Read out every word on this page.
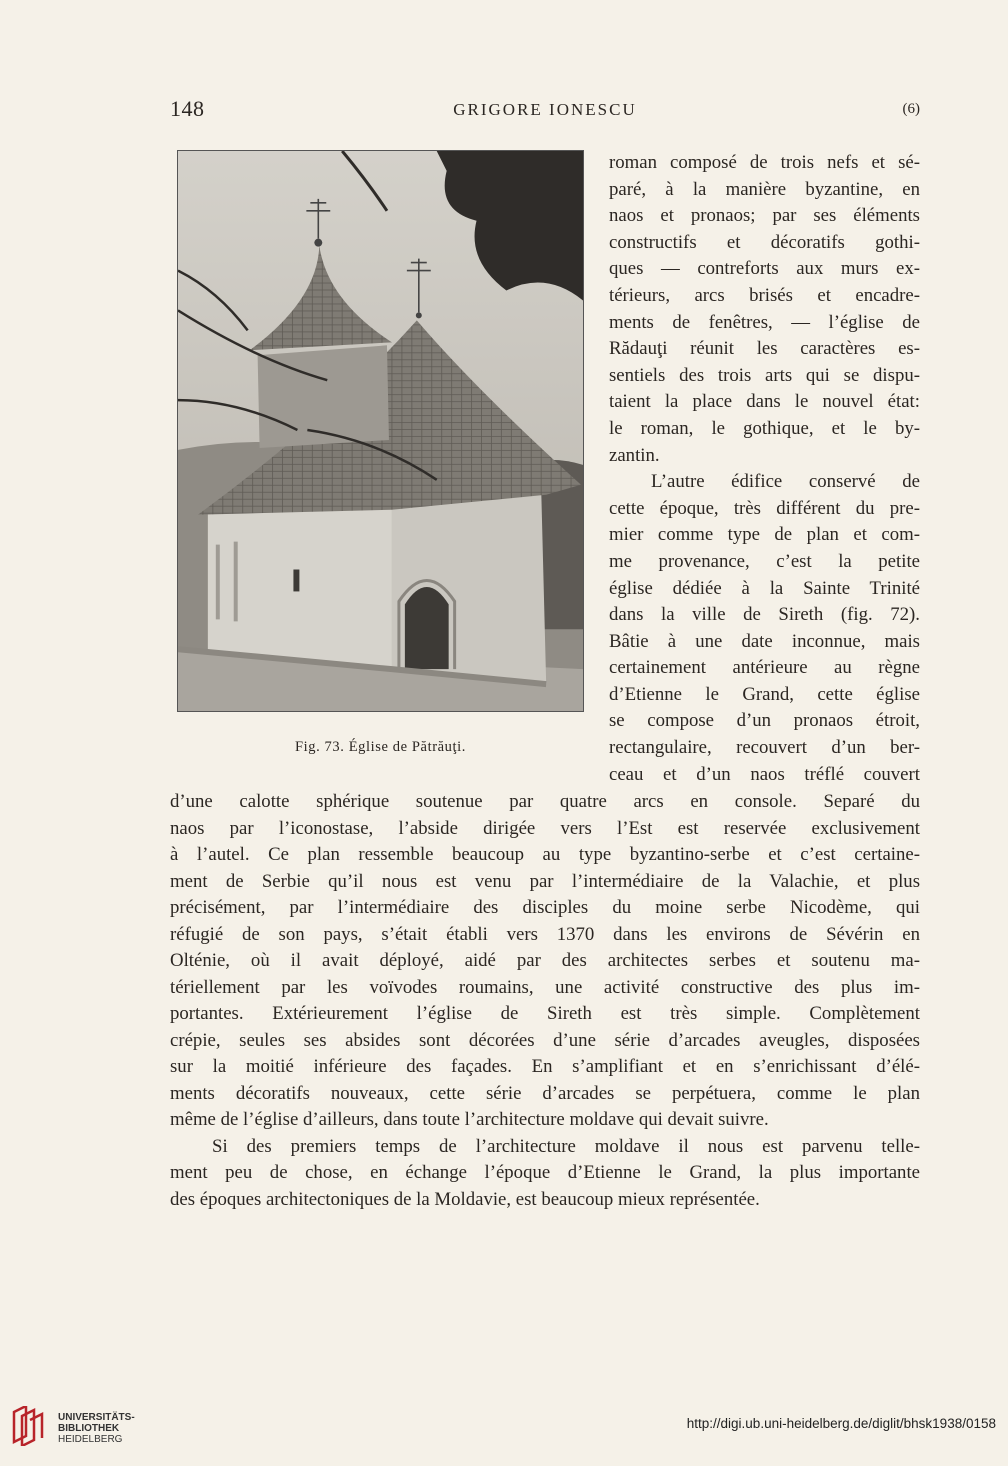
148	GRIGORE IONESCU	(6)
Fig. 73. Église de Pătrăuţi.
roman composé de trois nefs et sé-
paré, à la manière byzantine, en
naos et pronaos; par ses éléments
constructifs et décoratifs gothi-
ques — contreforts aux murs ex-
térieurs, arcs brisés et encadre-
ments de fenêtres, — l’église de
Rădauţi réunit les caractères es-
sentiels des trois arts qui se dispu-
taient la place dans le nouvel état:
le roman, le gothique, et le by-
zantin.
L’autre édifice conservé de
cette époque, très différent du pre-
mier comme type de plan et com-
me provenance, c’est la petite
église dédiée à la Sainte Trinité
dans la ville de Sireth (fig. 72).
Bâtie à une date inconnue, mais
certainement antérieure au règne
d’Etienne le Grand, cette église
se compose d’un pronaos étroit,
rectangulaire, recouvert d’un ber-
ceau et d’un naos tréflé couvert
d’une calotte sphérique soutenue par quatre arcs en console. Separé du
naos par l’iconostase, l’abside dirigée vers l’Est est reservée exclusivement
à l’autel. Ce plan ressemble beaucoup au type byzantino-serbe et c’est certaine-
ment de Serbie qu’il nous est venu par l’intermédiaire de la Valachie, et plus
précisément, par l’intermédiaire des disciples du moine serbe Nicodème, qui
réfugié de son pays, s’était établi vers 1370 dans les environs de Sévérin en
Olténie, où il avait déployé, aidé par des architectes serbes et soutenu ma-
tériellement par les voïvodes roumains, une activité constructive des plus im-
portantes. Extérieurement l’église de Sireth est très simple. Complètement
crépie, seules ses absides sont décorées d’une série d’arcades aveugles, disposées
sur la moitié inférieure des façades. En s’amplifiant et en s’enrichissant d’élé-
ments décoratifs nouveaux, cette série d’arcades se perpétuera, comme le plan
même de l’église d’ailleurs, dans toute l’architecture moldave qui devait suivre.
Si des premiers temps de l’architecture moldave il nous est parvenu telle-
ment peu de chose, en échange l’époque d’Etienne le Grand, la plus importante
des époques architectoniques de la Moldavie, est beaucoup mieux représentée.
UNIVERSITÄTS-
BIBLIOTHEK
HEIDELBERG
http://digi.ub.uni-heidelberg.de/diglit/bhsk1938/0158
